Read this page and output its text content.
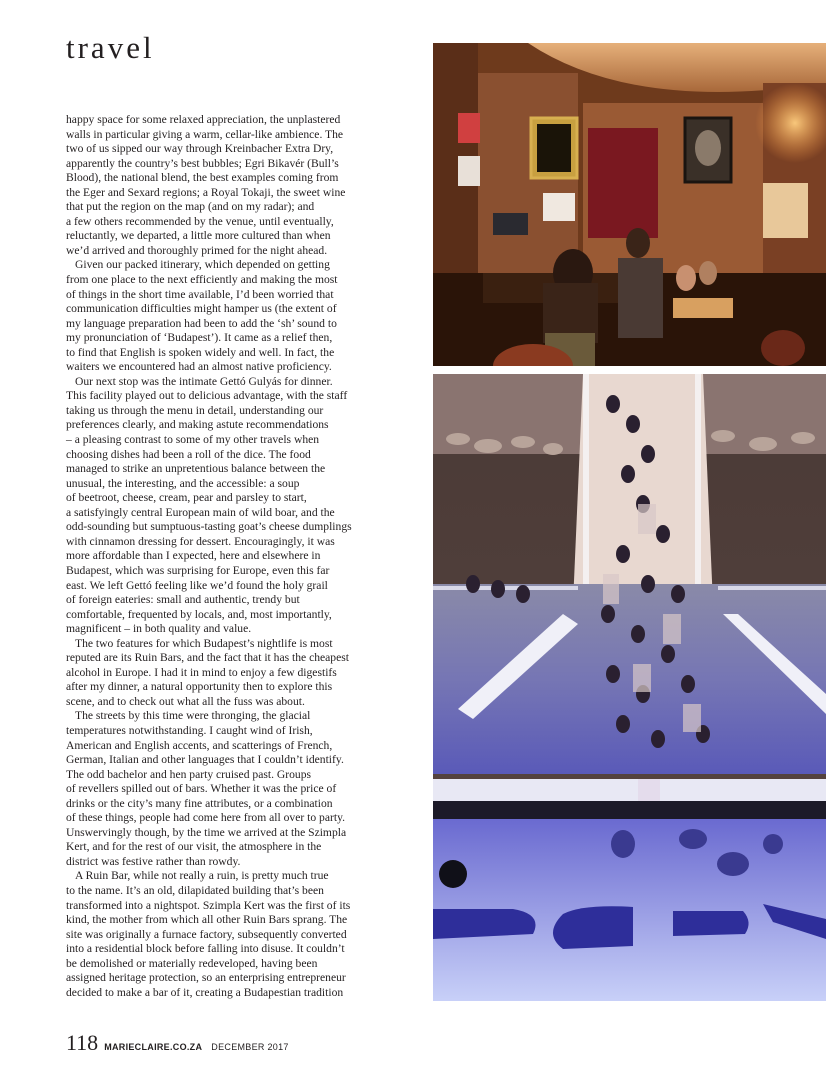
travel

happy space for some relaxed appreciation, the unplastered
walls in particular giving a warm, cellar-like ambience. The
two of us sipped our way through Kreinbacher Extra Dry,
apparently the country’s best bubbles; Egri Bikavér (Bull’s
Blood), the national blend, the best examples coming from
the Eger and Sexard regions; a Royal Tokaji, the sweet wine
that put the region on the map (and on my radar); and
a few others recommended by the venue, until eventually,
reluctantly, we departed, a little more cultured than when
we’d arrived and thoroughly primed for the night ahead.

Given our packed itinerary, which depended on getting
from one place to the next efficiently and making the most
of things in the short time available, I’d been worried that
communication difficulties might hamper us (the extent of
my language preparation had been to add the ‘sh’ sound to
my pronunciation of ‘Budapest’). It came as a relief then,
to find that English is spoken widely and well. In fact, the
waiters we encountered had an almost native proficiency.

Our next stop was the intimate Gettó Gulyás for dinner.
This facility played out to delicious advantage, with the staff
taking us through the menu in detail, understanding our
preferences clearly, and making astute recommendations
– a pleasing contrast to some of my other travels when
choosing dishes had been a roll of the dice. The food
managed to strike an unpretentious balance between the
unusual, the interesting, and the accessible: a soup
of beetroot, cheese, cream, pear and parsley to start,
a satisfyingly central European main of wild boar, and the
odd-sounding but sumptuous-tasting goat’s cheese dumplings
with cinnamon dressing for dessert. Encouragingly, it was
more affordable than I expected, here and elsewhere in
Budapest, which was surprising for Europe, even this far
east. We left Gettó feeling like we’d found the holy grail
of foreign eateries: small and authentic, trendy but
comfortable, frequented by locals, and, most importantly,
magnificent – in both quality and value.

The two features for which Budapest’s nightlife is most
reputed are its Ruin Bars, and the fact that it has the cheapest
alcohol in Europe. I had it in mind to enjoy a few digestifs
after my dinner, a natural opportunity then to explore this
scene, and to check out what all the fuss was about.

The streets by this time were thronging, the glacial
temperatures notwithstanding. I caught wind of Irish,
American and English accents, and scatterings of French,
German, Italian and other languages that I couldn’t identify.
The odd bachelor and hen party cruised past. Groups
of revellers spilled out of bars. Whether it was the price of
drinks or the city’s many fine attributes, or a combination
of these things, people had come here from all over to party.
Unswervingly though, by the time we arrived at the Szimpla
Kert, and for the rest of our visit, the atmosphere in the
district was festive rather than rowdy.

A Ruin Bar, while not really a ruin, is pretty much true
to the name. It’s an old, dilapidated building that’s been
transformed into a nightspot. Szimpla Kert was the first of its
kind, the mother from which all other Ruin Bars sprang. The
site was originally a furnace factory, subsequently converted
into a residential block before falling into disuse. It couldn’t
be demolished or materially redeveloped, having been
assigned heritage protection, so an enterprising entrepreneur
decided to make a bar of it, creating a Budapestian tradition

118 MARIECLAIRE.CO.ZA DECEMBER 2017
